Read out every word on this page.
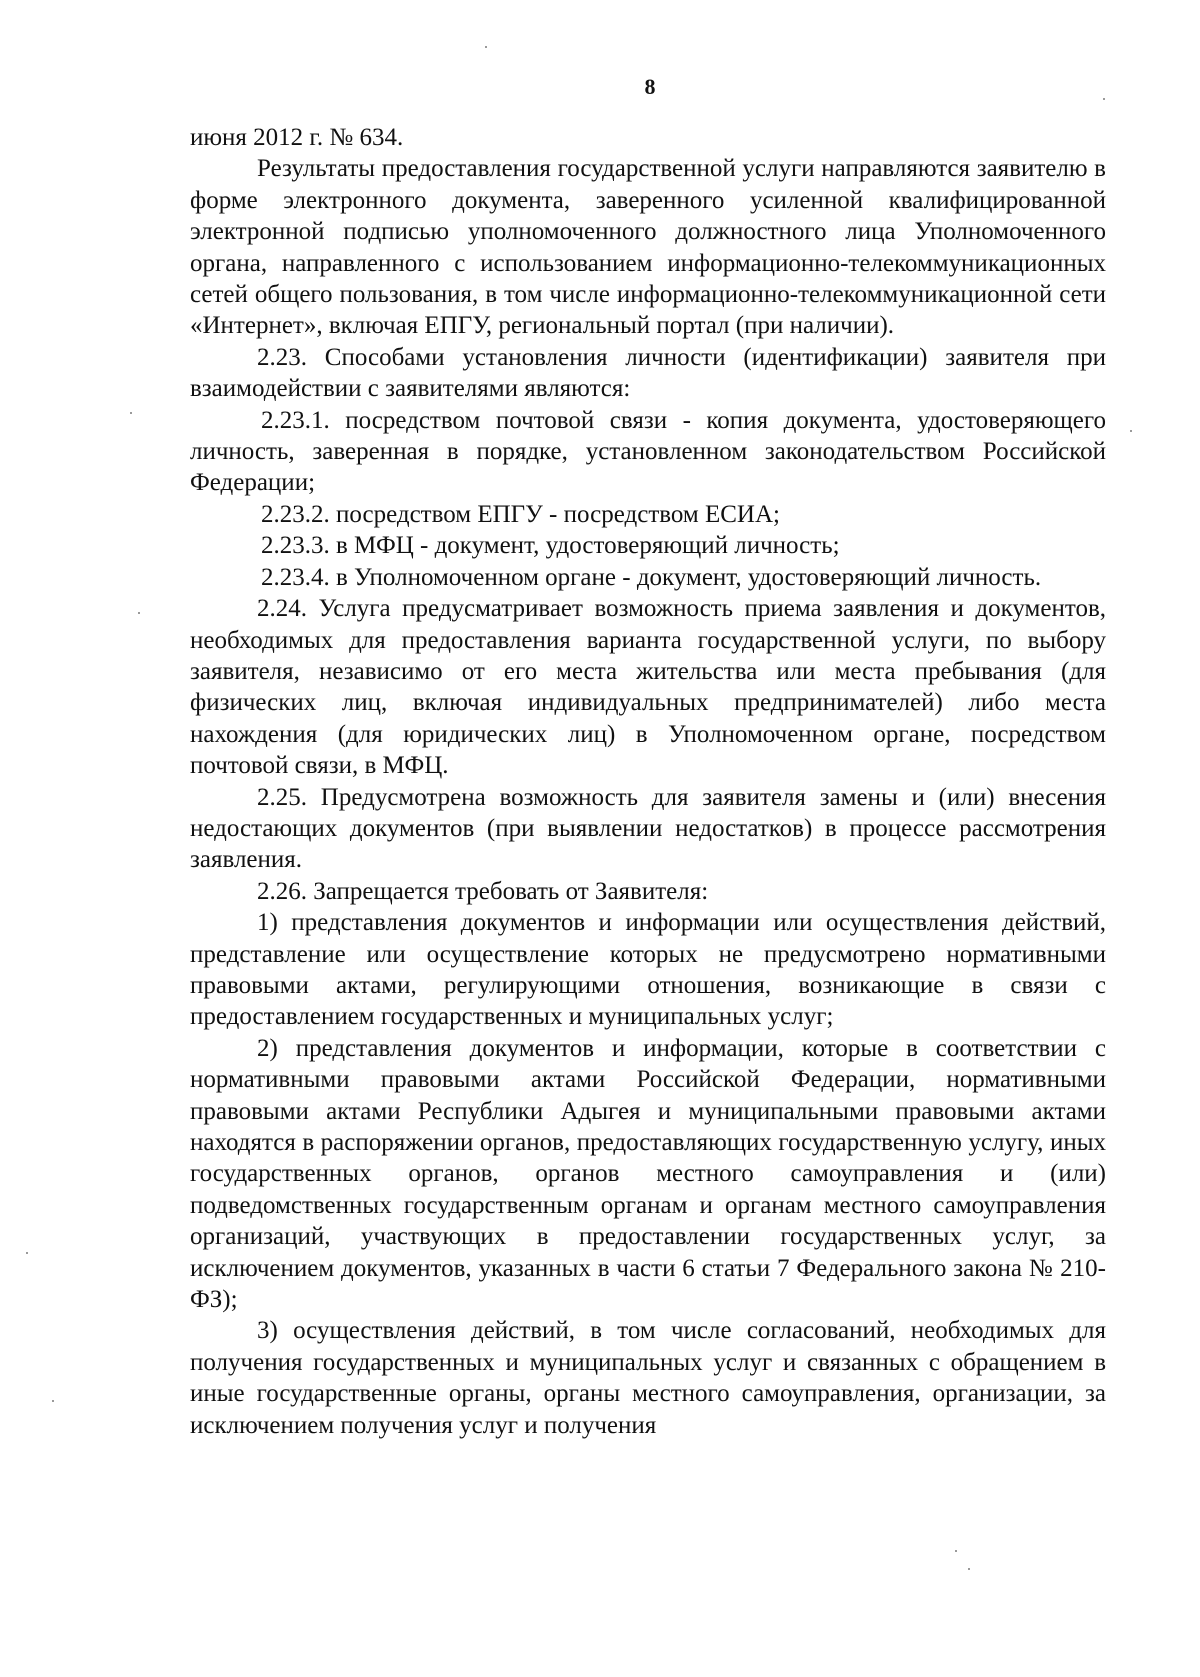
8

июня 2012 г. № 634.

Результаты предоставления государственной услуги направляются заявителю в форме электронного документа, заверенного усиленной квалифицированной электронной подписью уполномоченного должностного лица Уполномоченного органа, направленного с использованием информационно-телекоммуникационных сетей общего пользования, в том числе информационно-телекоммуникационной сети «Интернет», включая ЕПГУ, региональный портал (при наличии).

2.23. Способами установления личности (идентификации) заявителя при взаимодействии с заявителями являются:

2.23.1. посредством почтовой связи - копия документа, удостоверяющего личность, заверенная в порядке, установленном законодательством Российской Федерации;

2.23.2. посредством ЕПГУ - посредством ЕСИА;

2.23.3. в МФЦ - документ, удостоверяющий личность;

2.23.4. в Уполномоченном органе - документ, удостоверяющий личность.

2.24. Услуга предусматривает возможность приема заявления и документов, необходимых для предоставления варианта государственной услуги, по выбору заявителя, независимо от его места жительства или места пребывания (для физических лиц, включая индивидуальных предпринимателей) либо места нахождения (для юридических лиц) в Уполномоченном органе, посредством почтовой связи, в МФЦ.

2.25. Предусмотрена возможность для заявителя замены и (или) внесения недостающих документов (при выявлении недостатков) в процессе рассмотрения заявления.

2.26. Запрещается требовать от Заявителя:

1) представления документов и информации или осуществления действий, представление или осуществление которых не предусмотрено нормативными правовыми актами, регулирующими отношения, возникающие в связи с предоставлением государственных и муниципальных услуг;

2) представления документов и информации, которые в соответствии с нормативными правовыми актами Российской Федерации, нормативными правовыми актами Республики Адыгея и муниципальными правовыми актами находятся в распоряжении органов, предоставляющих государственную услугу, иных государственных органов, органов местного самоуправления и (или) подведомственных государственным органам и органам местного самоуправления организаций, участвующих в предоставлении государственных услуг, за исключением документов, указанных в части 6 статьи 7 Федерального закона № 210-ФЗ);

3) осуществления действий, в том числе согласований, необходимых для получения государственных и муниципальных услуг и связанных с обращением в иные государственные органы, органы местного самоуправления, организации, за исключением получения услуг и получения
